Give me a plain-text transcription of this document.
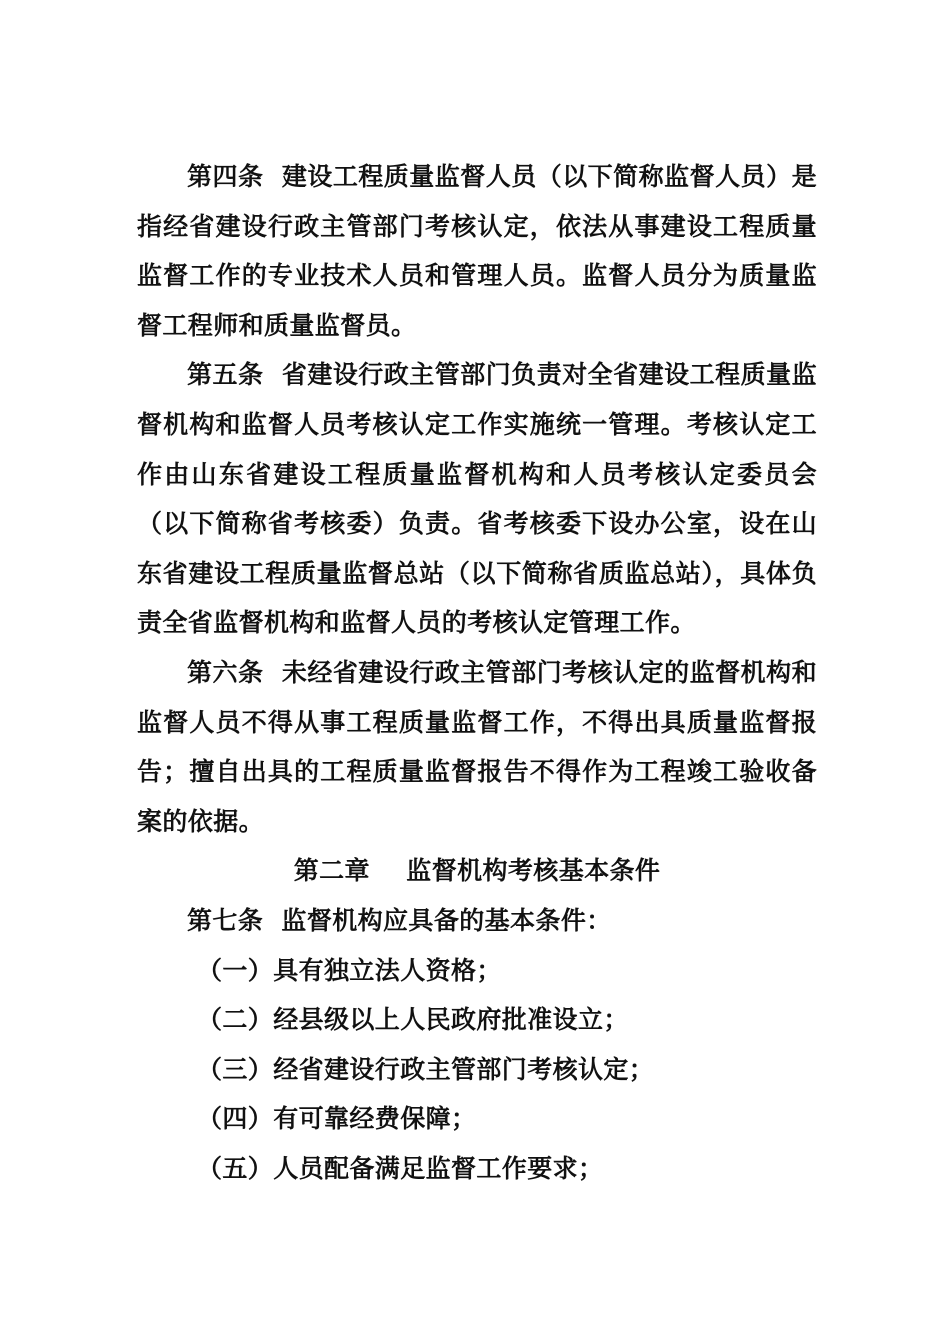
第四条  建设工程质量监督人员（以下简称监督人员）是指经省建设行政主管部门考核认定，依法从事建设工程质量监督工作的专业技术人员和管理人员。监督人员分为质量监督工程师和质量监督员。

第五条  省建设行政主管部门负责对全省建设工程质量监督机构和监督人员考核认定工作实施统一管理。考核认定工作由山东省建设工程质量监督机构和人员考核认定委员会（以下简称省考核委）负责。省考核委下设办公室，设在山东省建设工程质量监督总站（以下简称省质监总站），具体负责全省监督机构和监督人员的考核认定管理工作。

第六条  未经省建设行政主管部门考核认定的监督机构和监督人员不得从事工程质量监督工作，不得出具质量监督报告；擅自出具的工程质量监督报告不得作为工程竣工验收备案的依据。

第二章    监督机构考核基本条件

第七条  监督机构应具备的基本条件：

（一）具有独立法人资格；

（二）经县级以上人民政府批准设立；

（三）经省建设行政主管部门考核认定；

（四）有可靠经费保障；

（五）人员配备满足监督工作要求；
